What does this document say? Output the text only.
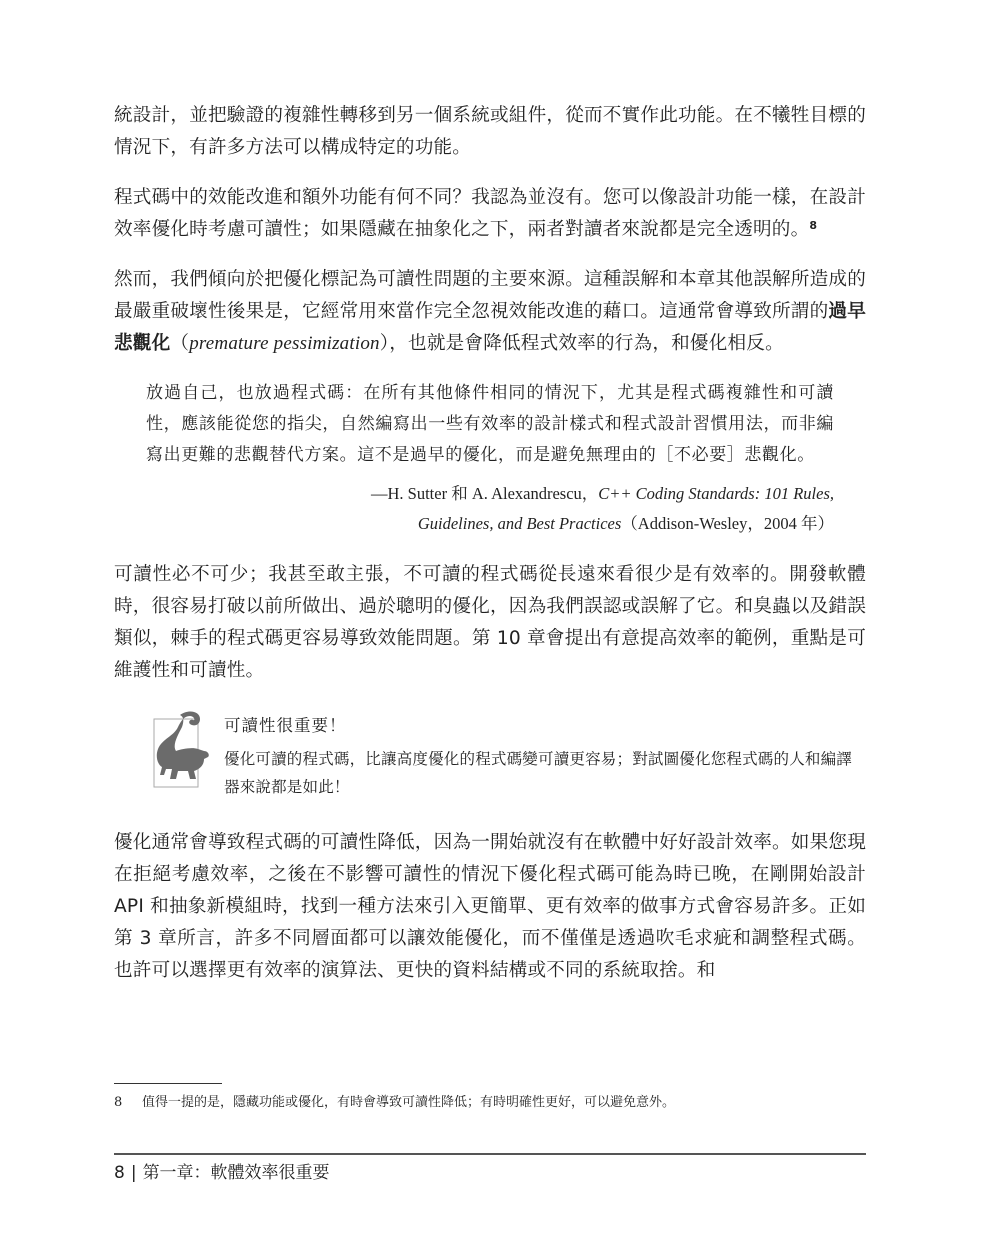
統設計，並把驗證的複雜性轉移到另一個系統或組件，從而不實作此功能。在不犧牲目標的情況下，有許多方法可以構成特定的功能。

程式碼中的效能改進和額外功能有何不同？我認為並沒有。您可以像設計功能一樣，在設計效率優化時考慮可讀性；如果隱藏在抽象化之下，兩者對讀者來說都是完全透明的。$^8$

然而，我們傾向於把優化標記為可讀性問題的主要來源。這種誤解和本章其他誤解所造成的最嚴重破壞性後果是，它經常用來當作完全忽視效能改進的藉口。這通常會導致所謂的過早悲觀化（premature pessimization），也就是會降低程式效率的行為，和優化相反。

放過自己，也放過程式碼：在所有其他條件相同的情況下，尤其是程式碼複雜性和可讀性，應該能從您的指尖，自然編寫出一些有效率的設計樣式和程式設計習慣用法，而非編寫出更難的悲觀替代方案。這不是過早的優化，而是避免無理由的［不必要］悲觀化。
—H. Sutter 和 A. Alexandrescu，C++ Coding Standards: 101 Rules,
Guidelines, and Best Practices（Addison-Wesley，2004 年）

可讀性必不可少；我甚至敢主張，不可讀的程式碼從長遠來看很少是有效率的。開發軟體時，很容易打破以前所做出、過於聰明的優化，因為我們誤認或誤解了它。和臭蟲以及錯誤類似，棘手的程式碼更容易導致效能問題。第 10 章會提出有意提高效率的範例，重點是可維護性和可讀性。

可讀性很重要！
優化可讀的程式碼，比讓高度優化的程式碼變可讀更容易；對試圖優化您程式碼的人和編譯器來說都是如此！

優化通常會導致程式碼的可讀性降低，因為一開始就沒有在軟體中好好設計效率。如果您現在拒絕考慮效率，之後在不影響可讀性的情況下優化程式碼可能為時已晚，在剛開始設計 API 和抽象新模組時，找到一種方法來引入更簡單、更有效率的做事方式會容易許多。正如第 3 章所言，許多不同層面都可以讓效能優化，而不僅僅是透過吹毛求疵和調整程式碼。也許可以選擇更有效率的演算法、更快的資料結構或不同的系統取捨。和

8 值得一提的是，隱藏功能或優化，有時會導致可讀性降低；有時明確性更好，可以避免意外。
8 | 第一章：軟體效率很重要
